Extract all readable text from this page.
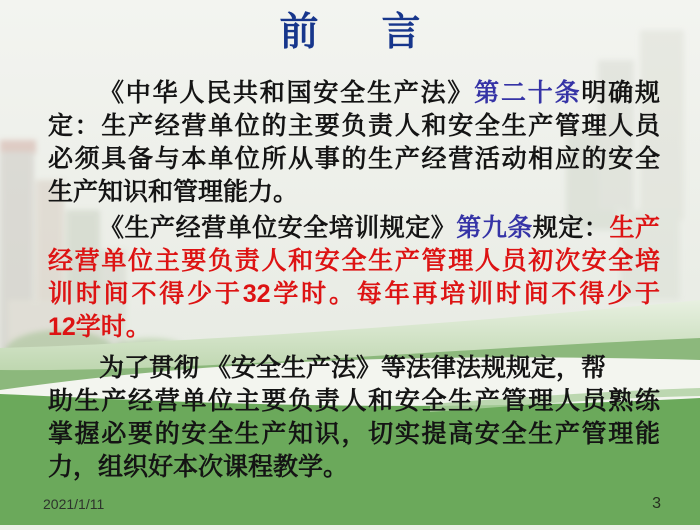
前　言
《中华人民共和国安全生产法》第二十条明确规
定：生产经营单位的主要负责人和安全生产管理人员
必须具备与本单位所从事的生产经营活动相应的安全
生产知识和管理能力。
《生产经营单位安全培训规定》第九条规定：生产
经营单位主要负责人和安全生产管理人员初次安全培
训时间不得少于32学时。每年再培训时间不得少于
12学时。
为了贯彻 《安全生产法》等法律法规规定，帮
助生产经营单位主要负责人和安全生产管理人员熟练
掌握必要的安全生产知识，切实提高安全生产管理能
力，组织好本次课程教学。
2021/1/11	3
